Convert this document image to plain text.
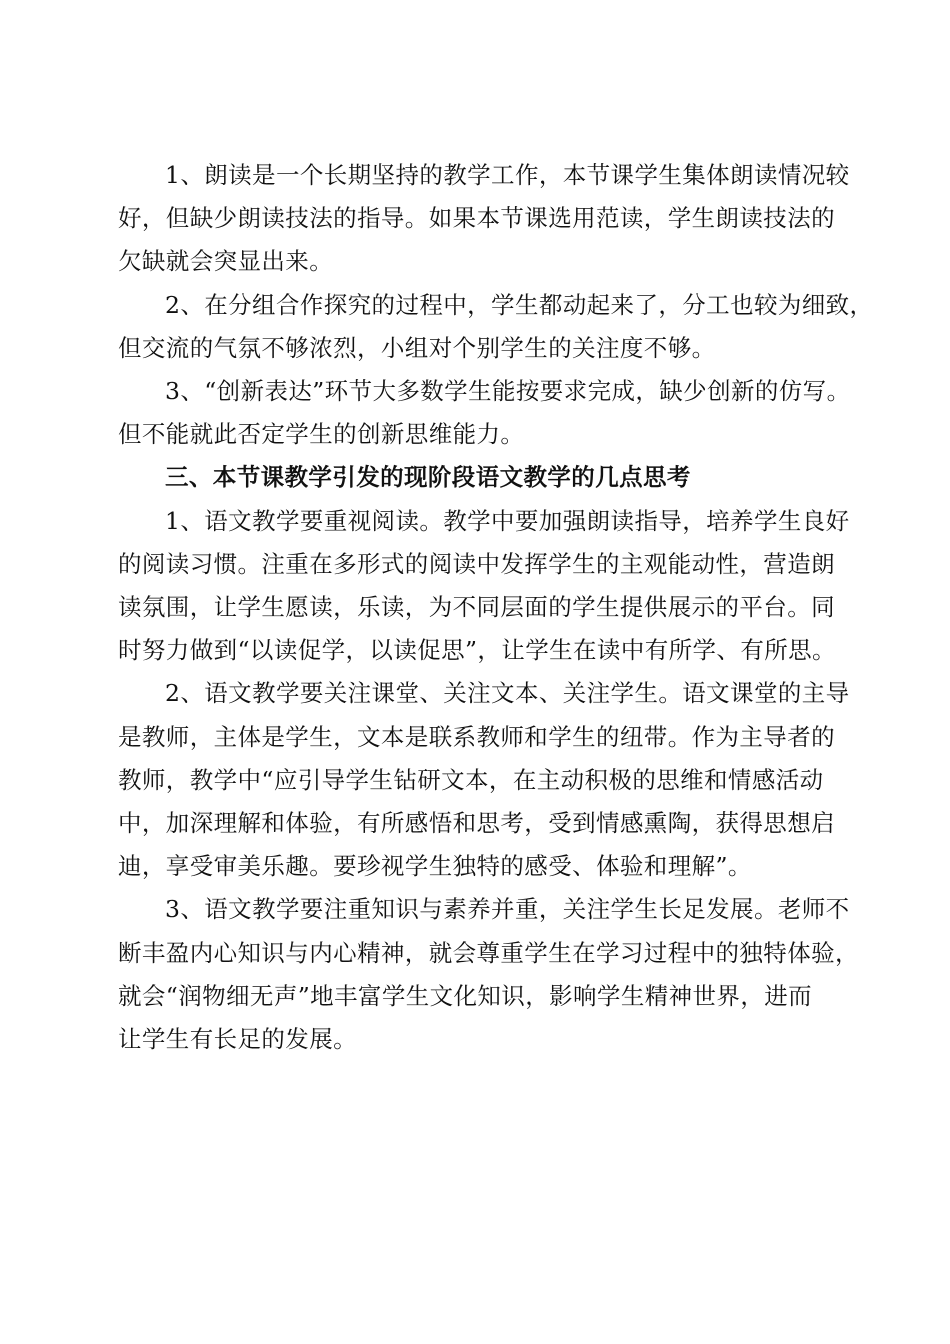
1、朗读是一个长期坚持的教学工作，本节课学生集体朗读情况较
好，但缺少朗读技法的指导。如果本节课选用范读，学生朗读技法的
欠缺就会突显出来。
2、在分组合作探究的过程中，学生都动起来了，分工也较为细致，
但交流的气氛不够浓烈，小组对个别学生的关注度不够。
3、“创新表达”环节大多数学生能按要求完成，缺少创新的仿写。
但不能就此否定学生的创新思维能力。
三、本节课教学引发的现阶段语文教学的几点思考
1、语文教学要重视阅读。教学中要加强朗读指导，培养学生良好
的阅读习惯。注重在多形式的阅读中发挥学生的主观能动性，营造朗
读氛围，让学生愿读，乐读，为不同层面的学生提供展示的平台。同
时努力做到“以读促学，以读促思”，让学生在读中有所学、有所思。
2、语文教学要关注课堂、关注文本、关注学生。语文课堂的主导
是教师，主体是学生，文本是联系教师和学生的纽带。作为主导者的
教师，教学中“应引导学生钻研文本，在主动积极的思维和情感活动
中，加深理解和体验，有所感悟和思考，受到情感熏陶，获得思想启
迪，享受审美乐趣。要珍视学生独特的感受、体验和理解”。
3、语文教学要注重知识与素养并重，关注学生长足发展。老师不
断丰盈内心知识与内心精神，就会尊重学生在学习过程中的独特体验，
就会“润物细无声”地丰富学生文化知识，影响学生精神世界，进而
让学生有长足的发展。
